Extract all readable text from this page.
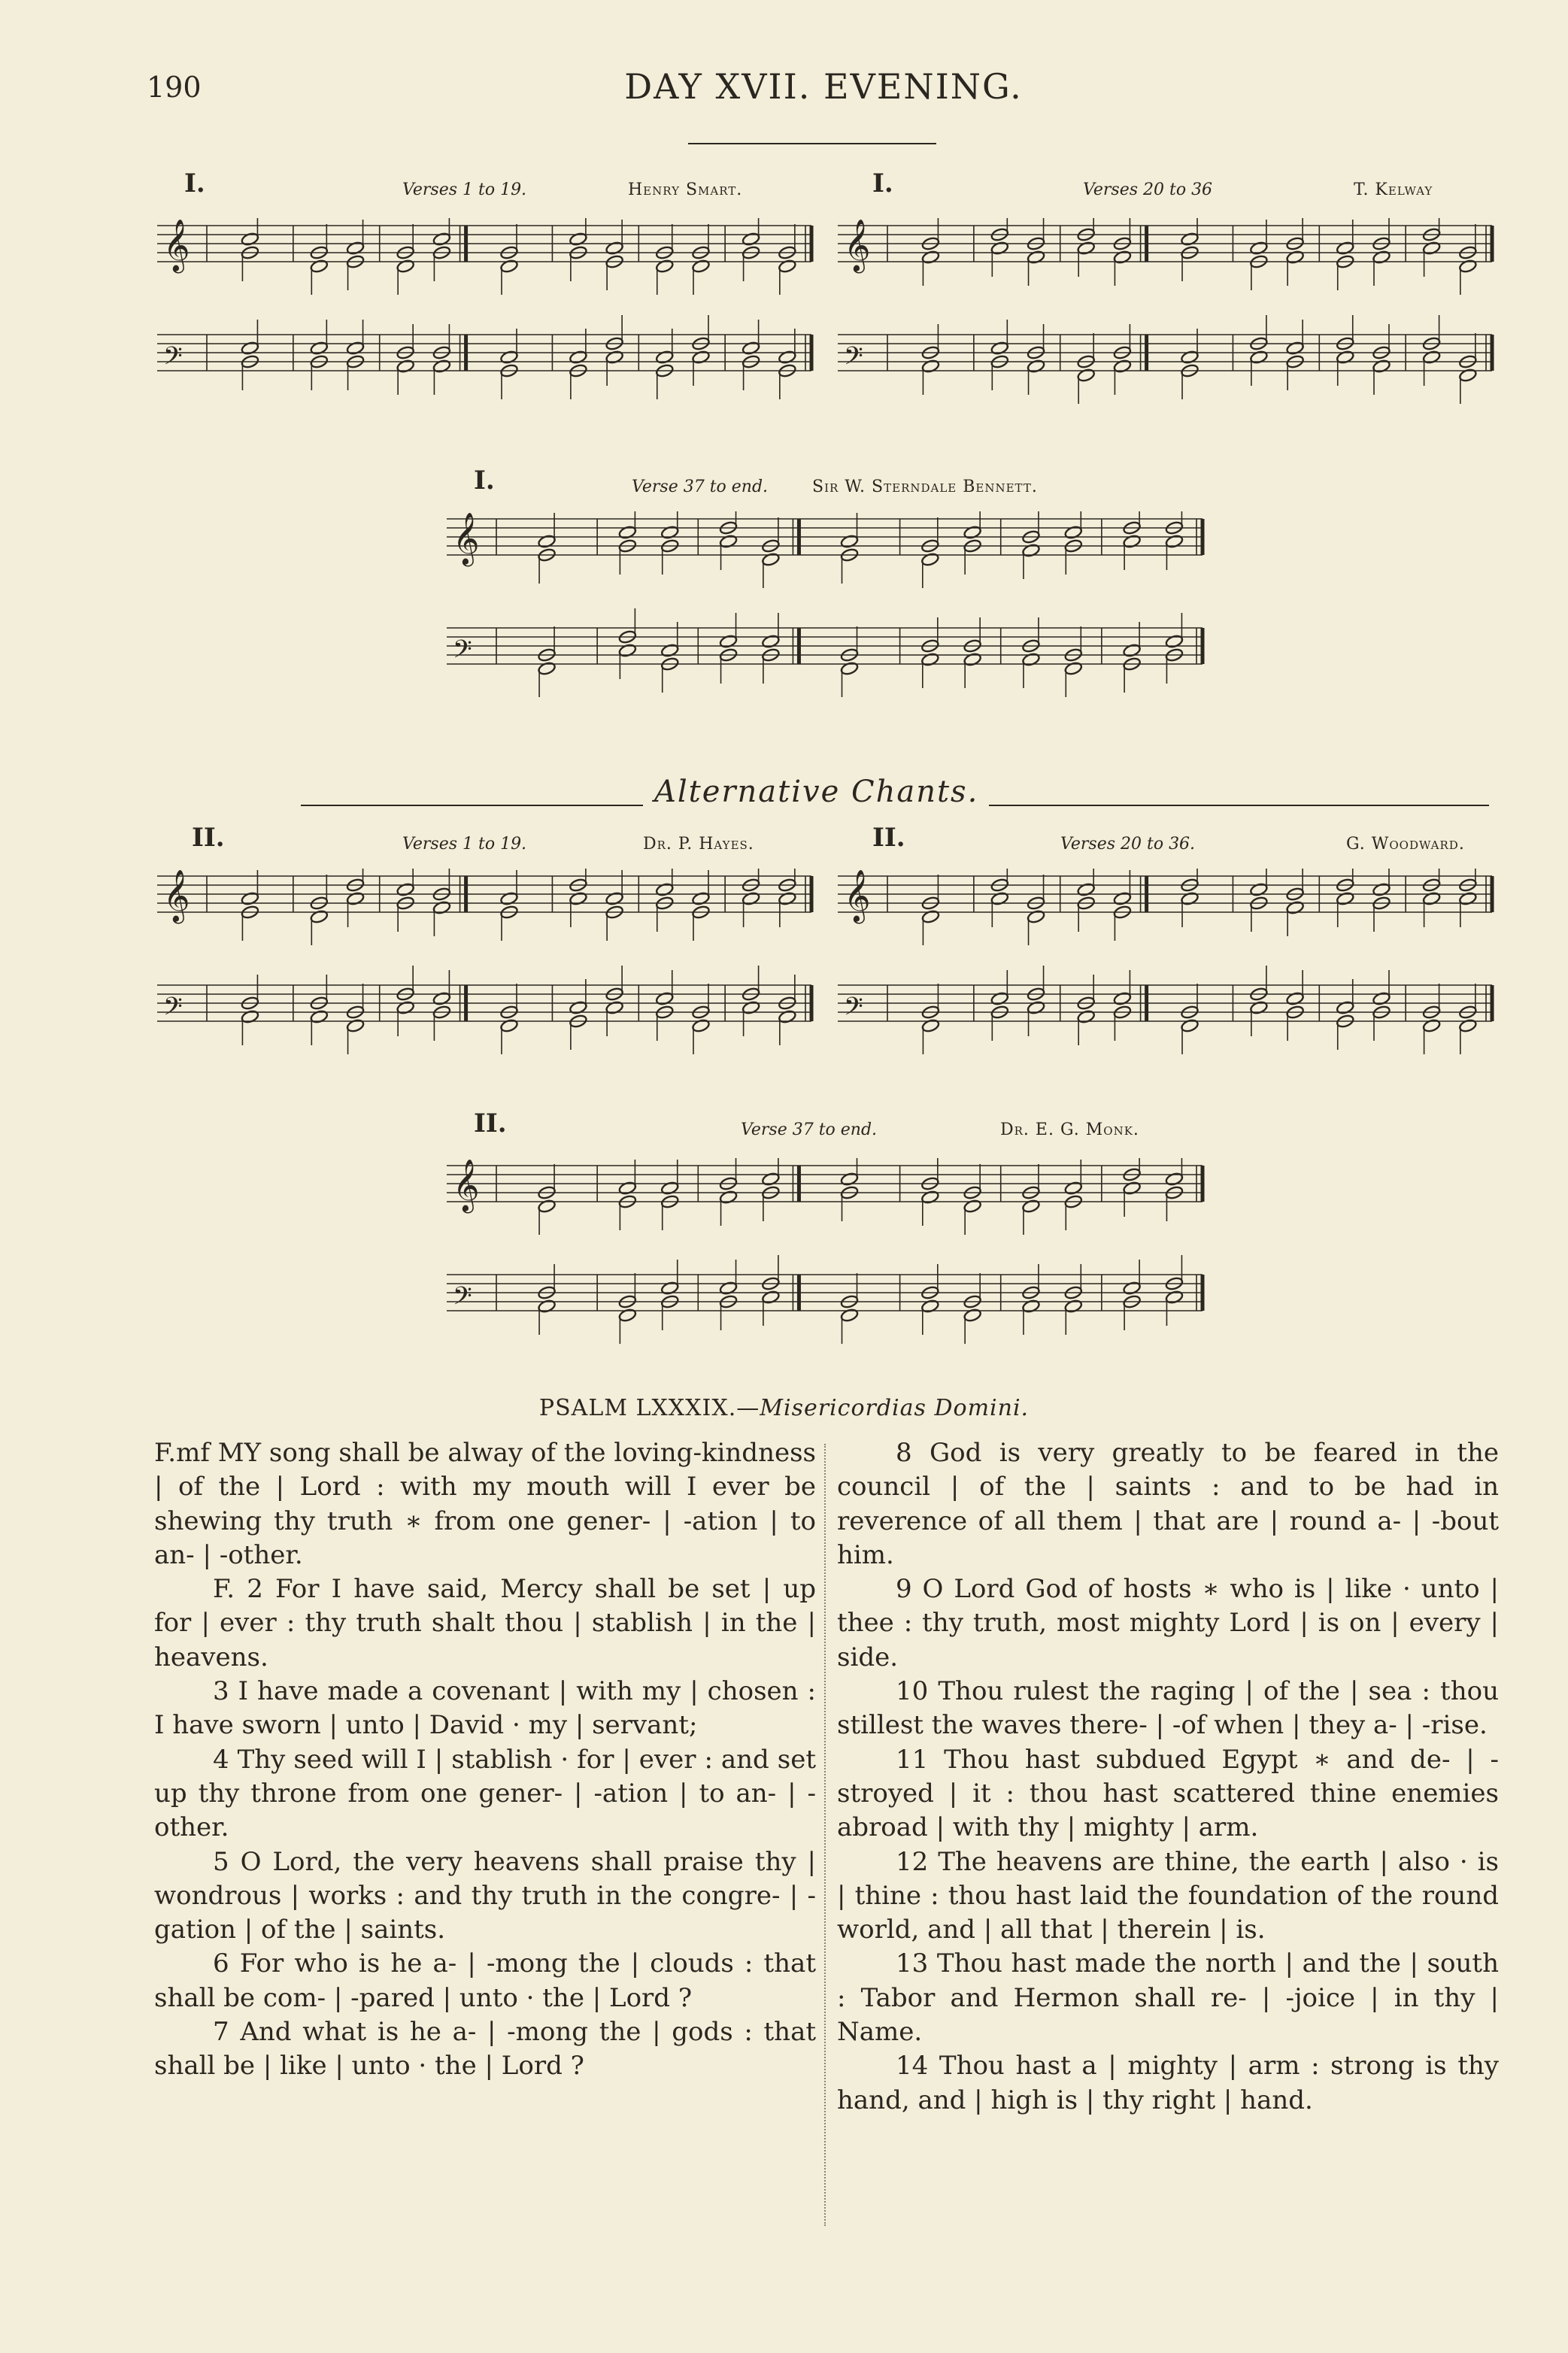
190	DAY XVII. EVENING.
I.	Verses 1 to 19.	Henry Smart.
𝄞
𝄢
I.	Verses 20 to 36	T. Kelway
𝄞
𝄢
I.	Verse 37 to end.	Sir W. Sterndale Bennett.
𝄞
𝄢
Alternative Chants.
II.	Verses 1 to 19.	Dr. P. Hayes.
𝄞
𝄢
II.	Verses 20 to 36.	G. Woodward.
𝄞
𝄢
II.	Verse 37 to end.	Dr. E. G. Monk.
𝄞
𝄢
PSALM LXXXIX.—Misericordias Domini.

F.mf MY song shall be alway of the loving-kindness | of the | Lord : with my mouth will I ever be shewing thy truth ∗ from one gener- | -ation | to an- | -other.

F. 2 For I have said, Mercy shall be set | up for | ever : thy truth shalt thou | stablish | in the | heavens.

3 I have made a covenant | with my | chosen : I have sworn | unto | David · my | servant;

4 Thy seed will I | stablish · for | ever : and set up thy throne from one gener- | -ation | to an- | -other.

5 O Lord, the very heavens shall praise thy | wondrous | works : and thy truth in the congre- | -gation | of the | saints.

6 For who is he a- | -mong the | clouds : that shall be com- | -pared | unto · the | Lord ?

7 And what is he a- | -mong the | gods : that shall be | like | unto · the | Lord ?

8 God is very greatly to be feared in the council | of the | saints : and to be had in reverence of all them | that are | round a- | -bout him.

9 O Lord God of hosts ∗ who is | like · unto | thee : thy truth, most mighty Lord | is on | every | side.

10 Thou rulest the raging | of the | sea : thou stillest the waves there- | -of when | they a- | -rise.

11 Thou hast subdued Egypt ∗ and de- | -stroyed | it : thou hast scattered thine enemies abroad | with thy | mighty | arm.

12 The heavens are thine, the earth | also · is | thine : thou hast laid the foundation of the round world, and | all that | therein | is.

13 Thou hast made the north | and the | south : Tabor and Hermon shall re- | -joice | in thy | Name.

14 Thou hast a | mighty | arm : strong is thy hand, and | high is | thy right | hand.
